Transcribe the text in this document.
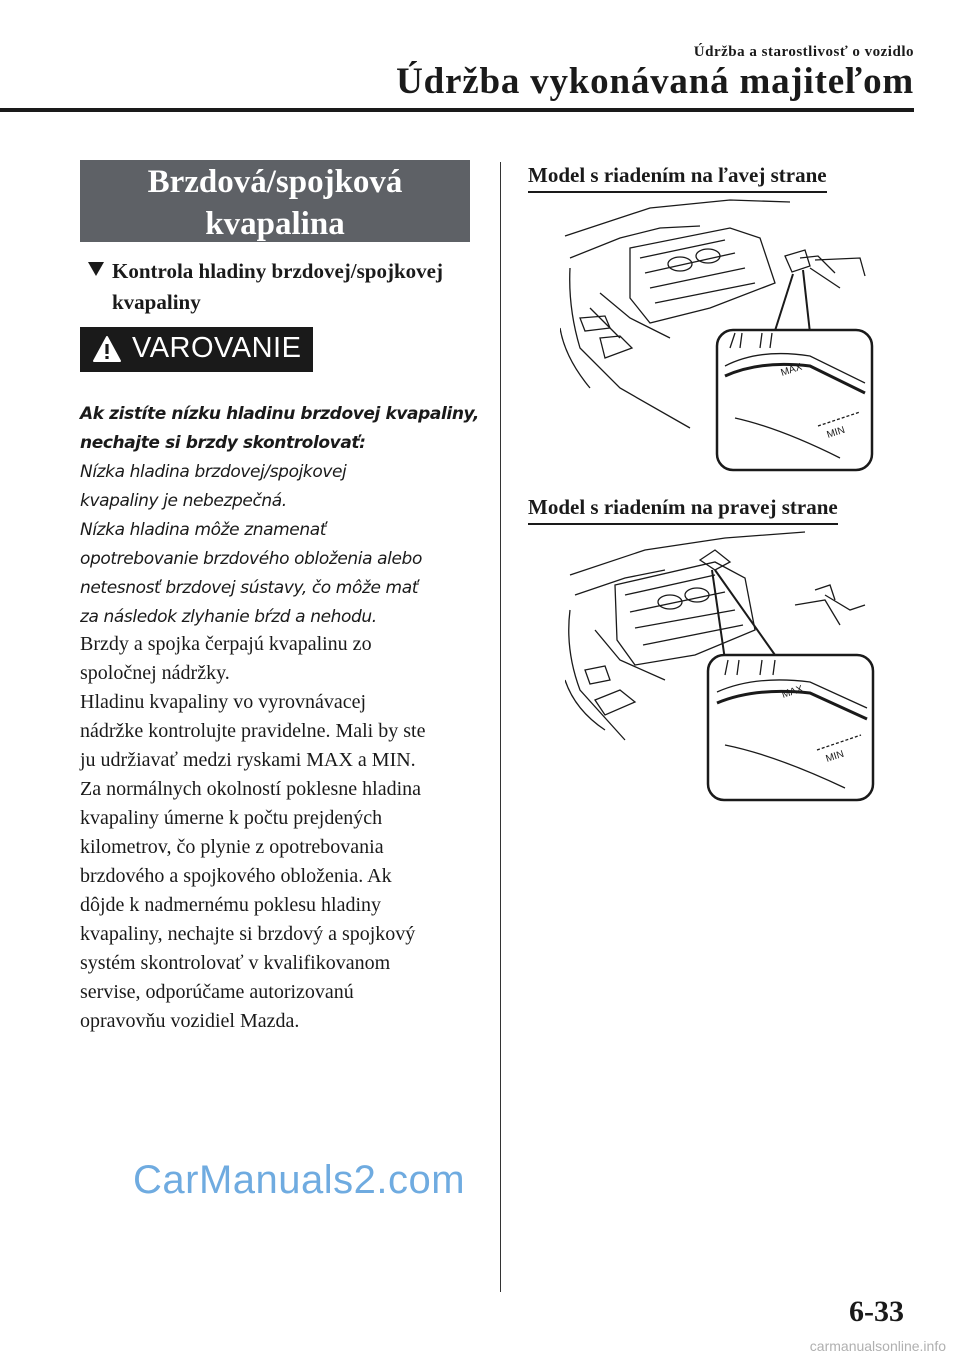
Údržba a starostlivosť o vozidlo
Údržba vykonávaná majiteľom
Brzdová/spojková
kvapalina
Kontrola hladiny brzdovej/spojkovej kvapaliny
VAROVANIE

Ak zistíte nízku hladinu brzdovej kvapaliny,

nechajte si brzdy skontrolovať:

Nízka hladina brzdovej/spojkovej

kvapaliny je nebezpečná.

Nízka hladina môže znamenať

opotrebovanie brzdového obloženia alebo

netesnosť brzdovej sústavy, čo môže mať

za následok zlyhanie bŕzd a nehodu.

Brzdy a spojka čerpajú kvapalinu zo

spoločnej nádržky.

Hladinu kvapaliny vo vyrovnávacej

nádržke kontrolujte pravidelne. Mali by ste

ju udržiavať medzi ryskami MAX a MIN.

Za normálnych okolností poklesne hladina

kvapaliny úmerne k počtu prejdených

kilometrov, čo plynie z opotrebovania

brzdového a spojkového obloženia. Ak

dôjde k nadmernému poklesu hladiny

kvapaliny, nechajte si brzdový a spojkový

systém skontrolovať v kvalifikovanom

servise, odporúčame autorizovanú

opravovňu vozidiel Mazda.

Model s riadením na ľavej strane
MAX
MIN
Model s riadením na pravej strane
MAX
MIN
6-33
CarManuals2.com
carmanualsonline.info
